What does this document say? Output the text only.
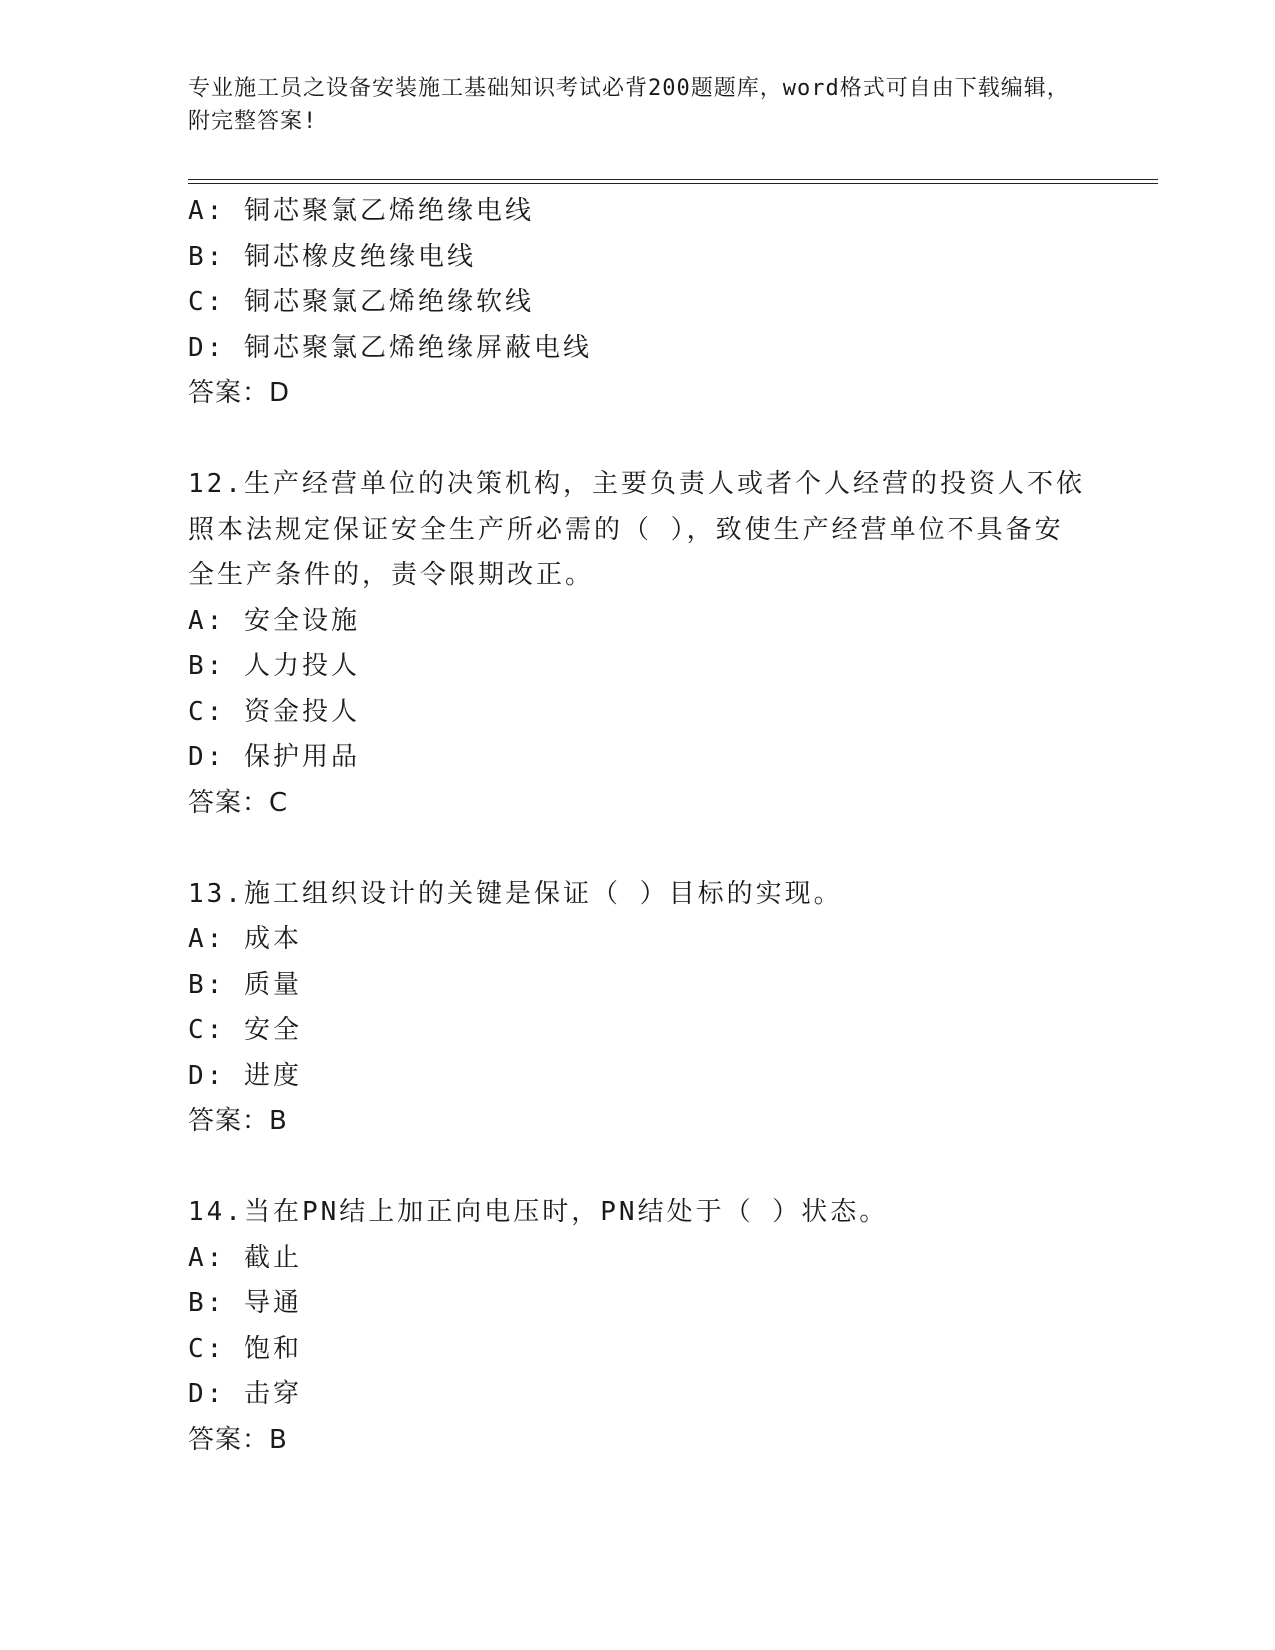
专业施工员之设备安装施工基础知识考试必背200题题库，word格式可自由下载编辑，附完整答案!
A: 铜芯聚氯乙烯绝缘电线
B: 铜芯橡皮绝缘电线
C: 铜芯聚氯乙烯绝缘软线
D: 铜芯聚氯乙烯绝缘屏蔽电线
答案：D
12.生产经营单位的决策机构，主要负责人或者个人经营的投资人不依照本法规定保证安全生产所必需的（ ），致使生产经营单位不具备安全生产条件的，责令限期改正。
A: 安全设施
B: 人力投人
C: 资金投人
D: 保护用品
答案：C
13.施工组织设计的关键是保证（ ）目标的实现。
A: 成本
B: 质量
C: 安全
D: 进度
答案：B
14.当在PN结上加正向电压时，PN结处于（ ）状态。
A: 截止
B: 导通
C: 饱和
D: 击穿
答案：B
